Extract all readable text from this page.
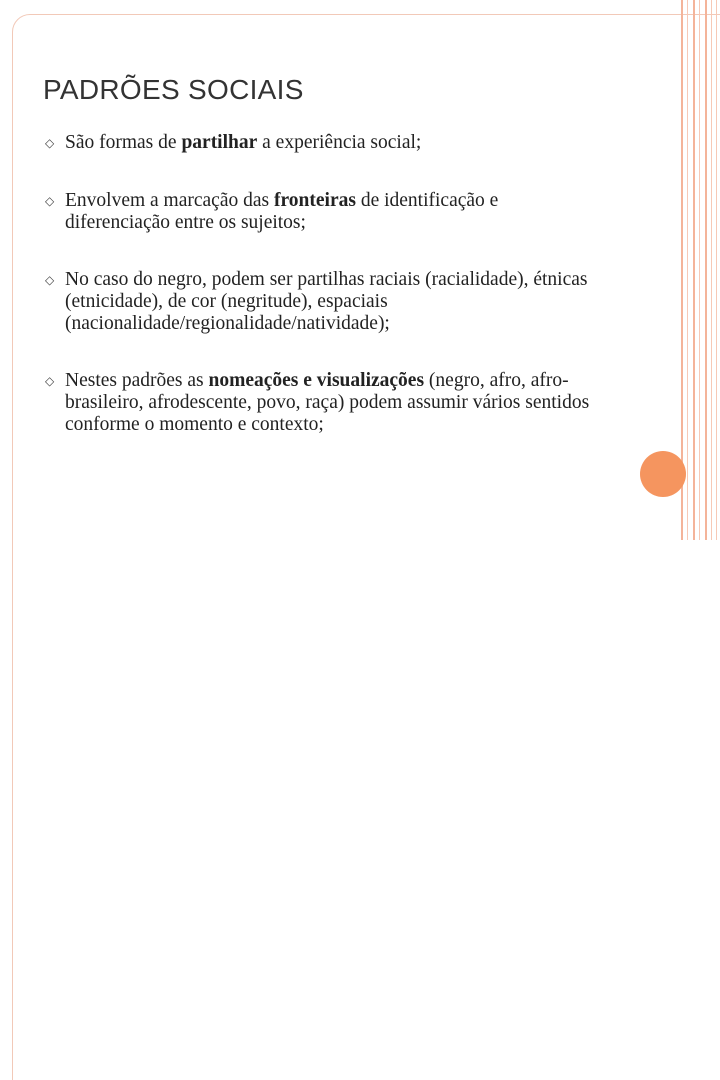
PADRÕES SOCIAIS
◇ São formas de partilhar a experiência social;
◇ Envolvem a marcação das fronteiras de identificação e diferenciação entre os sujeitos;
◇ No caso do negro, podem ser partilhas raciais (racialidade), étnicas (etnicidade), de cor (negritude), espaciais (nacionalidade/regionalidade/natividade);
◇ Nestes padrões as nomeações e visualizações (negro, afro, afro-brasileiro, afrodescente, povo, raça) podem assumir vários sentidos conforme o momento e contexto;
